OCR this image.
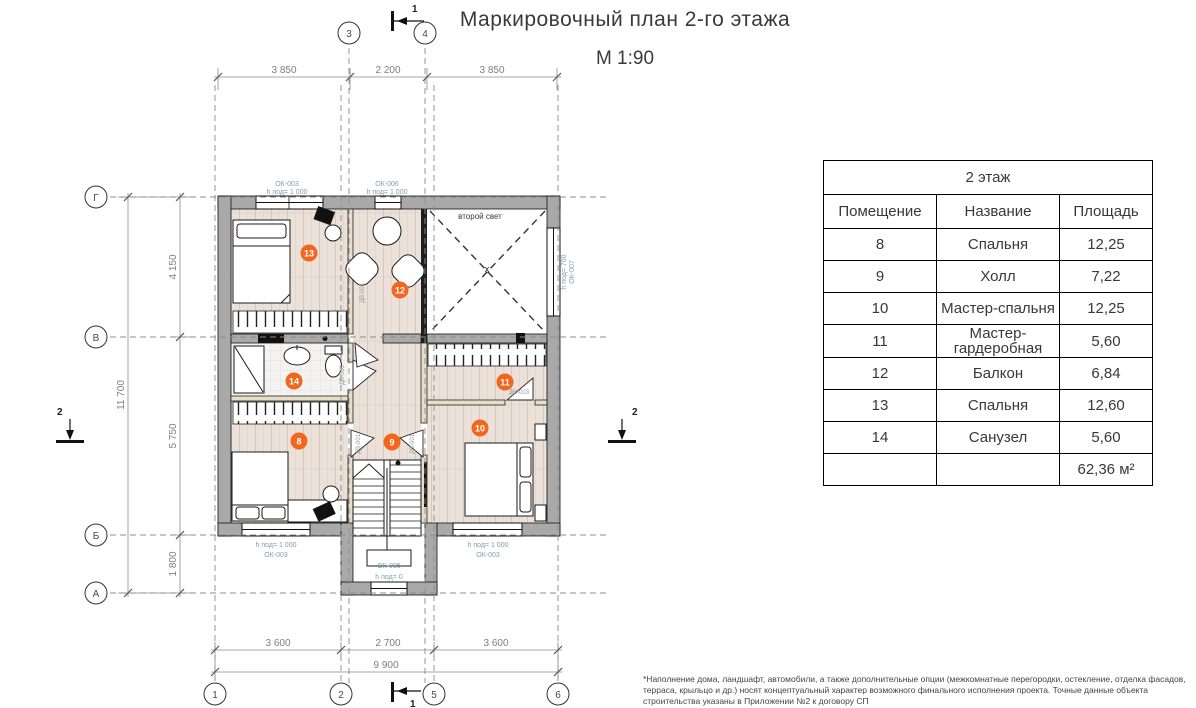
x
3 850	2 200	3 850
3 600	2 700	3 600
9 900
4 150
5 750
1 800
11 700
3	4
1	2	5	6
Г
В
Б
А
1
1
2	2
ОК-003
h под= 1 000
ОК-006
h под= 1 000
h под= 700 ОК-007
h под= 1 000
ОК-003
h под= 1 000
ОК-003
ОК-005
h под= 0
ДВ-001
ДВ-001
ДВ-001	ДВ-001
ДВ-003
второй свет
13
12
14
8	9
11
10
Маркировочный план 2-го этажа
М 1:90
2 этаж		
Помещение	Название	Площадь
8	Спальня	12,25
9	Холл	7,22
10	Мастер-спальня	12,25
11	Мастер-гардеробная	5,60
12	Балкон	6,84
13	Спальня	12,60
14	Санузел	5,60
		62,36 м²
*Наполнение дома, ландшафт, автомобили, а также дополнительные опции (межкомнатные перегородки, остекление, отделка фасадов, терраса, крыльцо и др.) носят концептуальный характер возможного финального исполнения проекта. Точные данные объекта строительства указаны в Приложении №2 к договору СП
